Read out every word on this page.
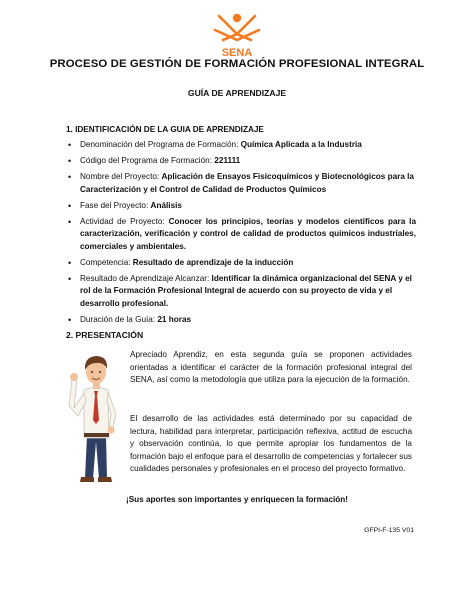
SENA
PROCESO DE GESTIÓN DE FORMACIÓN PROFESIONAL INTEGRAL
GUÍA DE APRENDIZAJE
1. IDENTIFICACIÓN DE LA GUIA DE APRENDIZAJE
• Denominación del Programa de Formación: Química Aplicada a la Industria
• Código del Programa de Formación: 221111
• Nombre del Proyecto: Aplicación de Ensayos Fisicoquímicos y Biotecnológicos para la Caracterización y el Control de Calidad de Productos Químicos
• Fase del Proyecto: Análisis
• Actividad de Proyecto: Conocer los principios, teorías y modelos científicos para la caracterización, verificación y control de calidad de productos químicos industriales, comerciales y ambientales.
• Competencia: Resultado de aprendizaje de la inducción
• Resultado de Aprendizaje Alcanzar: Identificar la dinámica organizacional del SENA y el rol de la Formación Profesional Integral de acuerdo con su proyecto de vida y el desarrollo profesional.
• Duración de la Guía: 21 horas
2. PRESENTACIÓN

Apreciado Aprendiz, en esta segunda guía se proponen actividades orientadas a identificar el carácter de la formación profesional integral del SENA, así como la metodología que utiliza para la ejecución de la formación.

El desarrollo de las actividades está determinado por su capacidad de lectura, habilidad para interpretar, participación reflexiva, actitud de escucha y observación continúa, lo que permite apropiar los fundamentos de la formación bajo el enfoque para el desarrollo de competencias y fortalecer sus cualidades personales y profesionales en el proceso del proyecto formativo.

¡Sus aportes son importantes y enriquecen la formación!
GFPI-F-135 V01
